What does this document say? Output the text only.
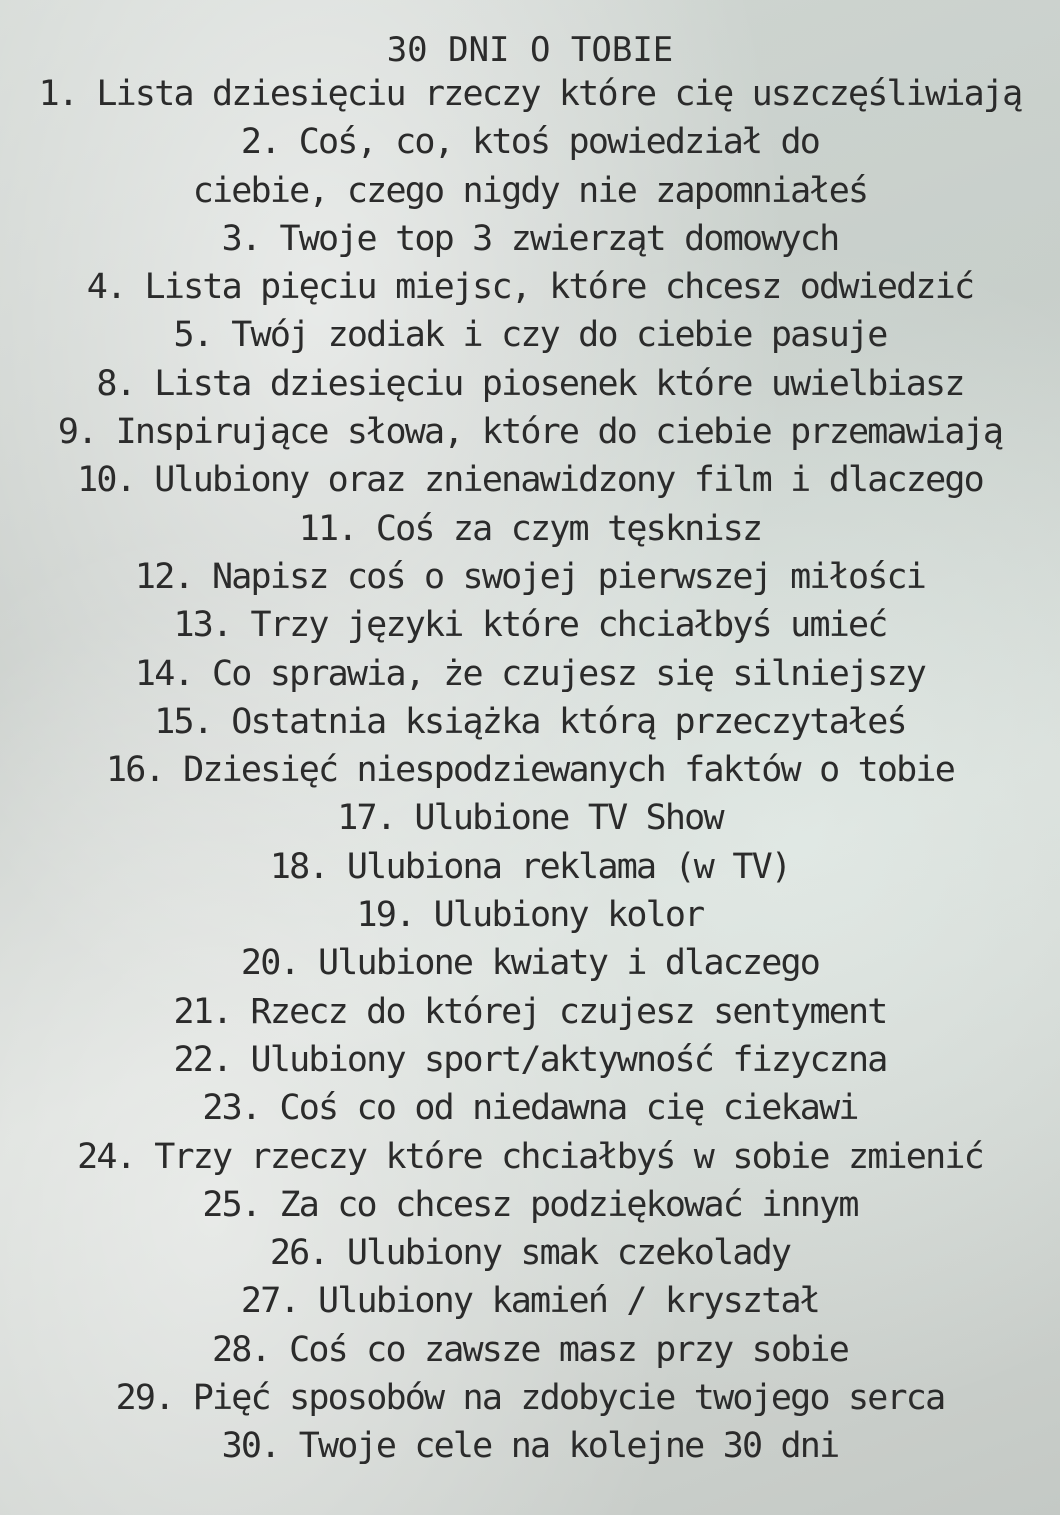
30 DNI O TOBIE
1. Lista dziesięciu rzeczy które cię uszczęśliwiają
2. Coś, co, ktoś powiedział do
ciebie, czego nigdy nie zapomniałeś
3. Twoje top 3 zwierząt domowych
4. Lista pięciu miejsc, które chcesz odwiedzić
5. Twój zodiak i czy do ciebie pasuje
8. Lista dziesięciu piosenek które uwielbiasz
9. Inspirujące słowa, które do ciebie przemawiają
10. Ulubiony oraz znienawidzony film i dlaczego
11. Coś za czym tęsknisz
12. Napisz coś o swojej pierwszej miłości
13. Trzy języki które chciałbyś umieć
14. Co sprawia, że czujesz się silniejszy
15. Ostatnia książka którą przeczytałeś
16. Dziesięć niespodziewanych faktów o tobie
17. Ulubione TV Show
18. Ulubiona reklama (w TV)
19. Ulubiony kolor
20. Ulubione kwiaty i dlaczego
21. Rzecz do której czujesz sentyment
22. Ulubiony sport/aktywność fizyczna
23. Coś co od niedawna cię ciekawi
24. Trzy rzeczy które chciałbyś w sobie zmienić
25. Za co chcesz podziękować innym
26. Ulubiony smak czekolady
27. Ulubiony kamień / kryształ
28. Coś co zawsze masz przy sobie
29. Pięć sposobów na zdobycie twojego serca
30. Twoje cele na kolejne 30 dni
